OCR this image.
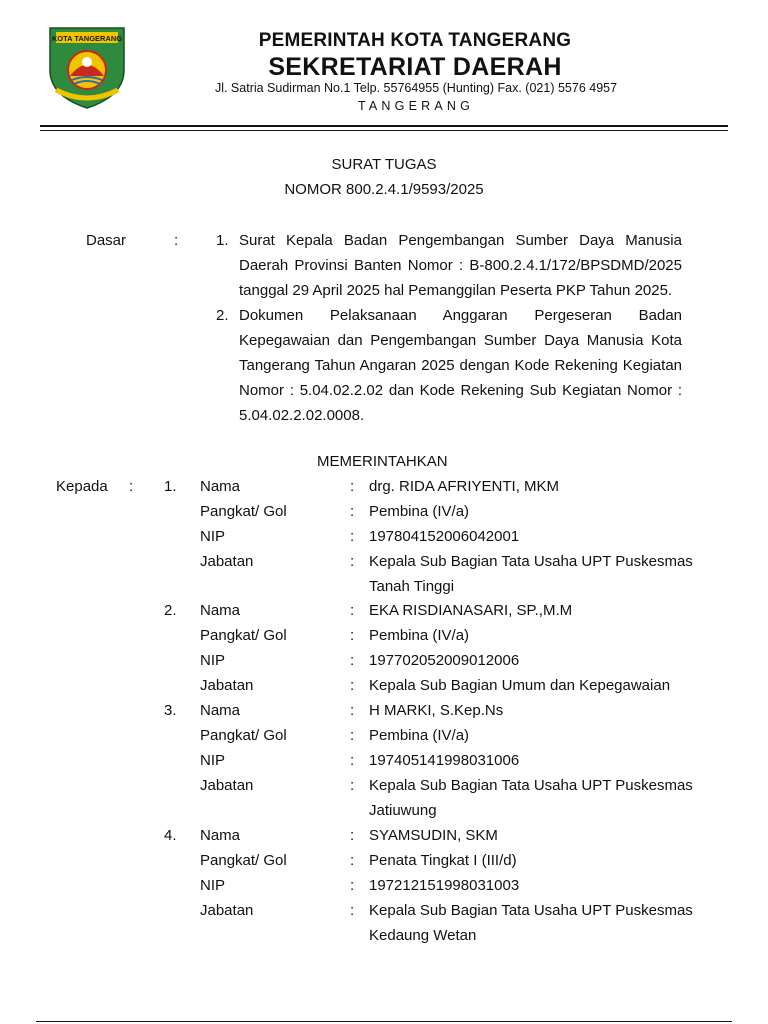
KOTA TANGERANG	PEMERINTAH KOTA TANGERANG
SEKRETARIAT DAERAH
Jl. Satria Sudirman No.1 Telp. 55764955 (Hunting) Fax. (021) 5576 4957
TANGERANG
SURAT TUGAS
NOMOR 800.2.4.1/9593/2025
Dasar	:	1. Surat Kepala Badan Pengembangan Sumber Daya Manusia Daerah Provinsi Banten Nomor : B-800.2.4.1/172/BPSDMD/2025 tanggal 29 April 2025 hal Pemanggilan Peserta PKP Tahun 2025.
2. Dokumen Pelaksanaan Anggaran Pergeseran Badan Kepegawaian dan Pengembangan Sumber Daya Manusia Kota Tangerang Tahun Angaran 2025 dengan Kode Rekening Kegiatan Nomor : 5.04.02.2.02 dan Kode Rekening Sub Kegiatan Nomor : 5.04.02.2.02.0008.
MEMERINTAHKAN
Kepada : 1. Nama	: drg. RIDA AFRIYENTI, MKM
Pangkat/ Gol	: Pembina (IV/a)
NIP	: 197804152006042001
Jabatan	: Kepala Sub Bagian Tata Usaha UPT Puskesmas
Tanah Tinggi
2. Nama	: EKA RISDIANASARI, SP.,M.M
Pangkat/ Gol	: Pembina (IV/a)
NIP	: 197702052009012006
Jabatan	: Kepala Sub Bagian Umum dan Kepegawaian
3. Nama	: H MARKI, S.Kep.Ns
Pangkat/ Gol	: Pembina (IV/a)
NIP	: 197405141998031006
Jabatan	: Kepala Sub Bagian Tata Usaha UPT Puskesmas
Jatiuwung
4. Nama	: SYAMSUDIN, SKM
Pangkat/ Gol	: Penata Tingkat I (III/d)
NIP	: 197212151998031003
Jabatan	: Kepala Sub Bagian Tata Usaha UPT Puskesmas
Kedaung Wetan
